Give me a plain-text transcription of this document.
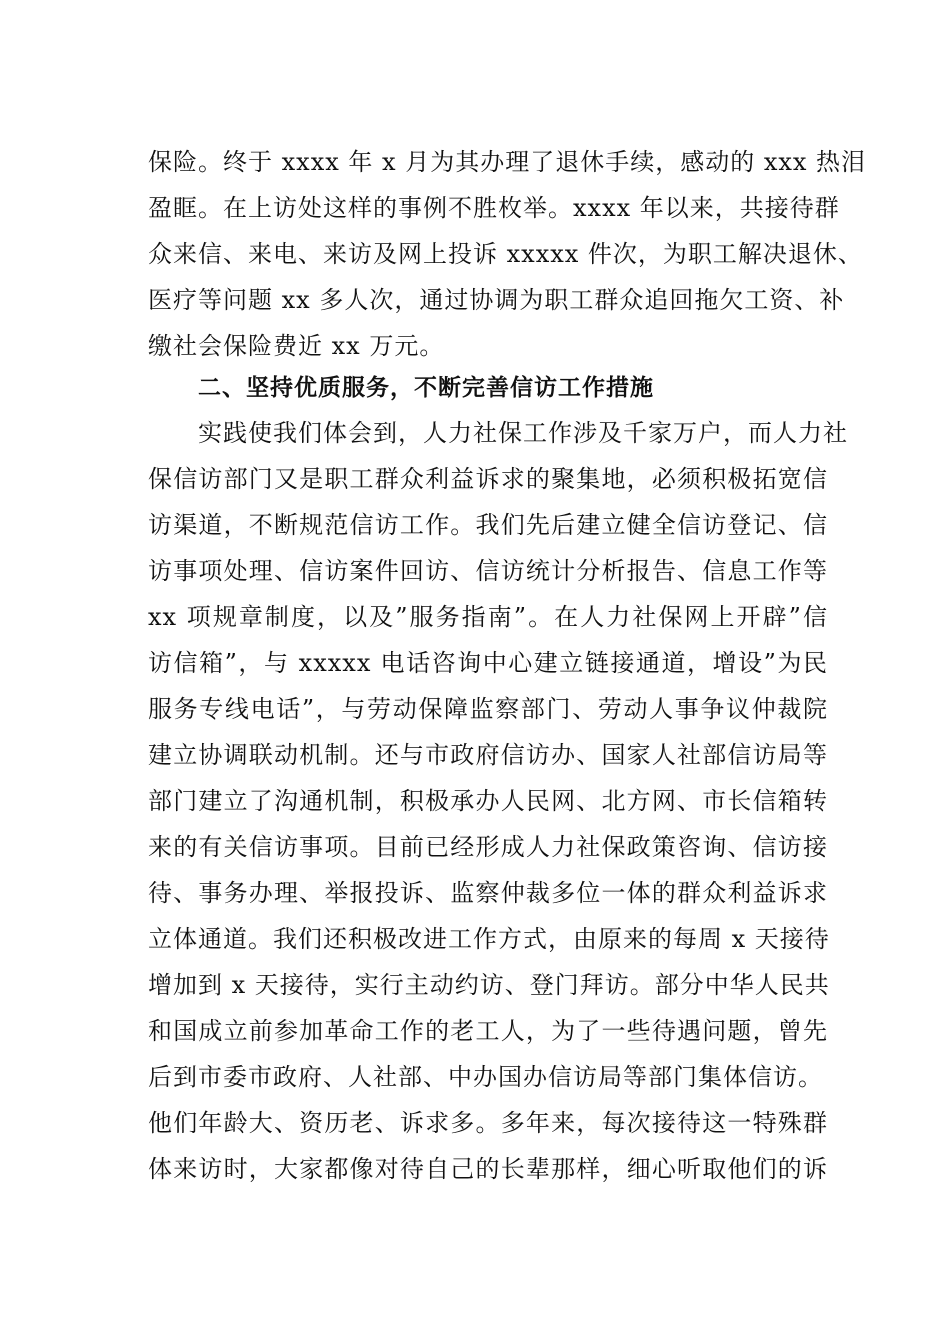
保险。终于 xxxx 年 x 月为其办理了退休手续，感动的 xxx 热泪
盈眶。在上访处这样的事例不胜枚举。xxxx 年以来，共接待群
众来信、来电、来访及网上投诉 xxxxx 件次，为职工解决退休、
医疗等问题 xx 多人次，通过协调为职工群众追回拖欠工资、补
缴社会保险费近 xx 万元。
二、坚持优质服务，不断完善信访工作措施
实践使我们体会到，人力社保工作涉及千家万户，而人力社
保信访部门又是职工群众利益诉求的聚集地，必须积极拓宽信
访渠道，不断规范信访工作。我们先后建立健全信访登记、信
访事项处理、信访案件回访、信访统计分析报告、信息工作等
xx 项规章制度，以及”服务指南”。在人力社保网上开辟”信
访信箱”，与 xxxxx 电话咨询中心建立链接通道，增设”为民
服务专线电话”，与劳动保障监察部门、劳动人事争议仲裁院
建立协调联动机制。还与市政府信访办、国家人社部信访局等
部门建立了沟通机制，积极承办人民网、北方网、市长信箱转
来的有关信访事项。目前已经形成人力社保政策咨询、信访接
待、事务办理、举报投诉、监察仲裁多位一体的群众利益诉求
立体通道。我们还积极改进工作方式，由原来的每周 x 天接待
增加到 x 天接待，实行主动约访、登门拜访。部分中华人民共
和国成立前参加革命工作的老工人，为了一些待遇问题，曾先
后到市委市政府、人社部、中办国办信访局等部门集体信访。
他们年龄大、资历老、诉求多。多年来，每次接待这一特殊群
体来访时，大家都像对待自己的长辈那样，细心听取他们的诉
